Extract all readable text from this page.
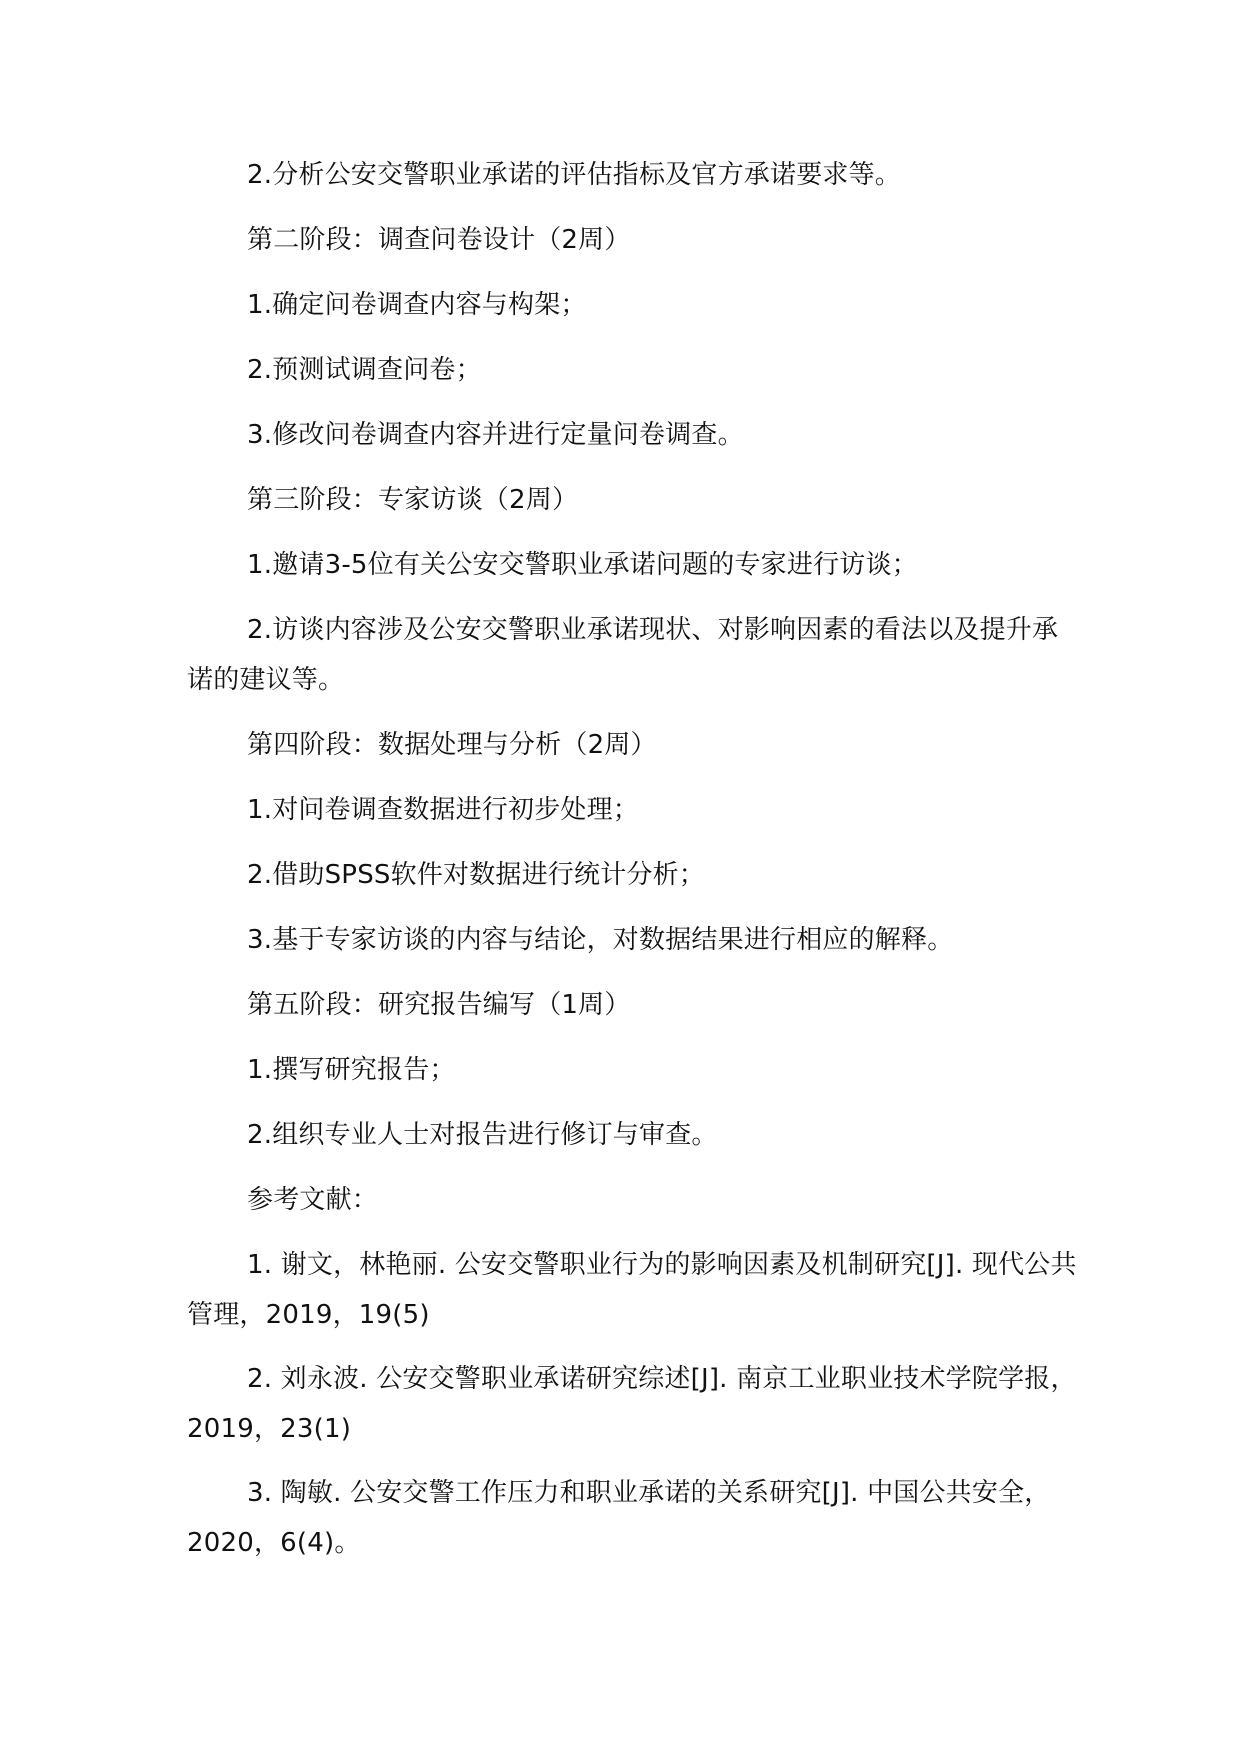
2.分析公安交警职业承诺的评估指标及官方承诺要求等。

第二阶段：调查问卷设计（2周）

1.确定问卷调查内容与构架；

2.预测试调查问卷；

3.修改问卷调查内容并进行定量问卷调查。

第三阶段：专家访谈（2周）

1.邀请3-5位有关公安交警职业承诺问题的专家进行访谈；

2.访谈内容涉及公安交警职业承诺现状、对影响因素的看法以及提升承诺的建议等。

第四阶段：数据处理与分析（2周）

1.对问卷调查数据进行初步处理；

2.借助SPSS软件对数据进行统计分析；

3.基于专家访谈的内容与结论，对数据结果进行相应的解释。

第五阶段：研究报告编写（1周）

1.撰写研究报告；

2.组织专业人士对报告进行修订与审查。

参考文献：

1. 谢文，林艳丽. 公安交警职业行为的影响因素及机制研究[J]. 现代公共管理，2019，19(5)

2. 刘永波. 公安交警职业承诺研究综述[J]. 南京工业职业技术学院学报，2019，23(1)

3. 陶敏. 公安交警工作压力和职业承诺的关系研究[J]. 中国公共安全，2020，6(4)。
